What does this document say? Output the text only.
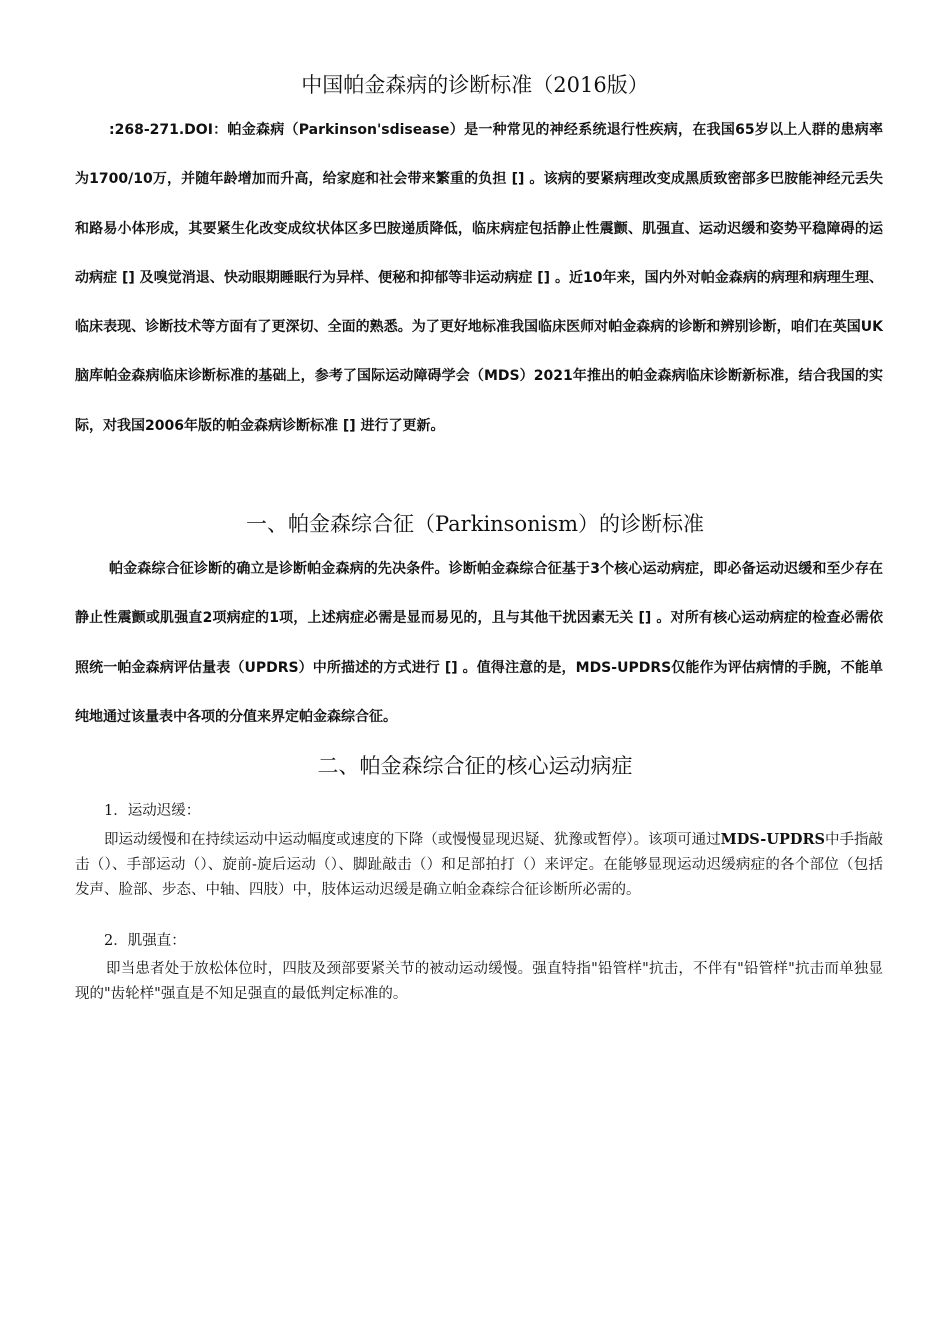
中国帕金森病的诊断标准（2016版）

:268-271.DOI：帕金森病（Parkinson'sdisease）是一种常见的神经系统退行性疾病，在我国65岁以上人群的患病率为1700/10万，并随年龄增加而升高，给家庭和社会带来繁重的负担 [] 。该病的要紧病理改变成黑质致密部多巴胺能神经元丢失和路易小体形成，其要紧生化改变成纹状体区多巴胺递质降低，临床病症包括静止性震颤、肌强直、运动迟缓和姿势平稳障碍的运动病症 [] 及嗅觉消退、快动眼期睡眠行为异样、便秘和抑郁等非运动病症 [] 。近10年来，国内外对帕金森病的病理和病理生理、临床表现、诊断技术等方面有了更深切、全面的熟悉。为了更好地标准我国临床医师对帕金森病的诊断和辨别诊断，咱们在英国UK脑库帕金森病临床诊断标准的基础上，参考了国际运动障碍学会（MDS）2021年推出的帕金森病临床诊断新标准，结合我国的实际，对我国2006年版的帕金森病诊断标准 [] 进行了更新。

一、帕金森综合征（Parkinsonism）的诊断标准

帕金森综合征诊断的确立是诊断帕金森病的先决条件。诊断帕金森综合征基于3个核心运动病症，即必备运动迟缓和至少存在静止性震颤或肌强直2项病症的1项，上述病症必需是显而易见的，且与其他干扰因素无关 [] 。对所有核心运动病症的检查必需依照统一帕金森病评估量表（UPDRS）中所描述的方式进行 [] 。值得注意的是，MDS-UPDRS仅能作为评估病情的手腕，不能单纯地通过该量表中各项的分值来界定帕金森综合征。

二、帕金森综合征的核心运动病症

1．运动迟缓：

即运动缓慢和在持续运动中运动幅度或速度的下降（或慢慢显现迟疑、犹豫或暂停）。该项可通过MDS-UPDRS中手指敲击（）、手部运动（）、旋前-旋后运动（）、脚趾敲击（）和足部拍打（）来评定。在能够显现运动迟缓病症的各个部位（包括发声、脸部、步态、中轴、四肢）中，肢体运动迟缓是确立帕金森综合征诊断所必需的。

2．肌强直：

即当患者处于放松体位时，四肢及颈部要紧关节的被动运动缓慢。强直特指"铅管样"抗击，不伴有"铅管样"抗击而单独显现的"齿轮样"强直是不知足强直的最低判定标准的。
